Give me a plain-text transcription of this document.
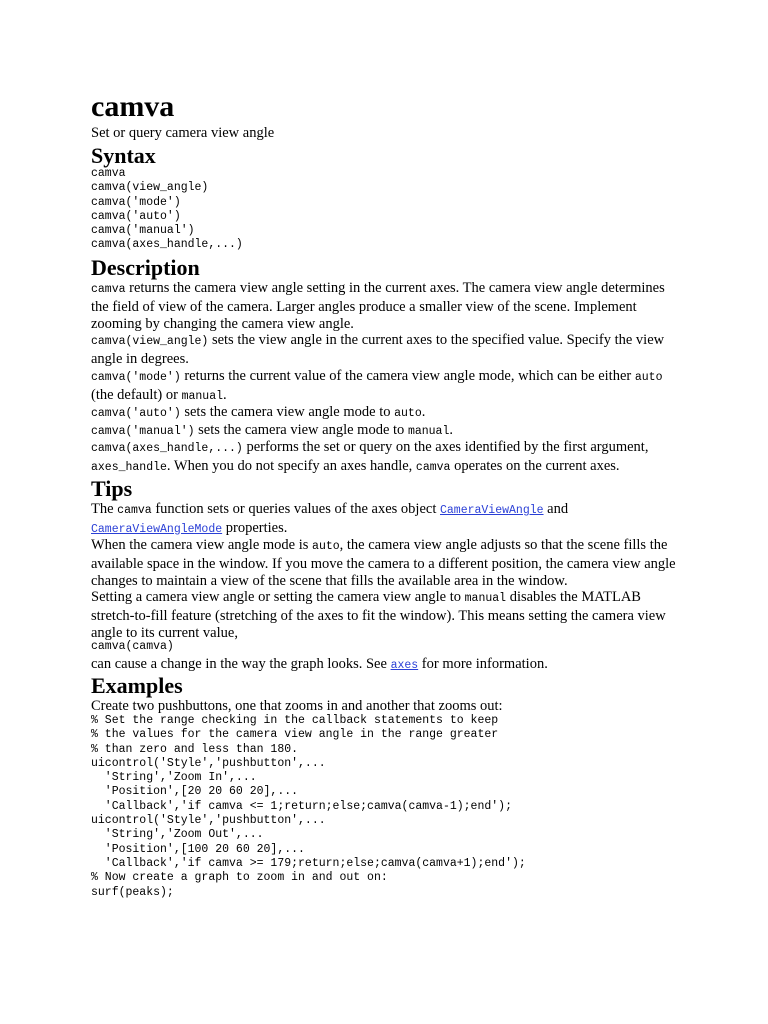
camva
Set or query camera view angle
Syntax
camva
camva(view_angle)
camva('mode')
camva('auto')
camva('manual')
camva(axes_handle,...)
Description

camva returns the camera view angle setting in the current axes. The camera view angle determines the field of view of the camera. Larger angles produce a smaller view of the scene. Implement zooming by changing the camera view angle.

camva(view_angle) sets the view angle in the current axes to the specified value. Specify the view angle in degrees.

camva('mode') returns the current value of the camera view angle mode, which can be either auto (the default) or manual.

camva('auto') sets the camera view angle mode to auto.

camva('manual') sets the camera view angle mode to manual.

camva(axes_handle,...) performs the set or query on the axes identified by the first argument, axes_handle. When you do not specify an axes handle, camva operates on the current axes.

Tips

The camva function sets or queries values of the axes object CameraViewAngle and CameraViewAngleMode properties.

When the camera view angle mode is auto, the camera view angle adjusts so that the scene fills the available space in the window. If you move the camera to a different position, the camera view angle changes to maintain a view of the scene that fills the available area in the window.

Setting a camera view angle or setting the camera view angle to manual disables the MATLAB stretch-to-fill feature (stretching of the axes to fit the window). This means setting the camera view angle to its current value,

camva(camva)

can cause a change in the way the graph looks. See axes for more information.

Examples

Create two pushbuttons, one that zooms in and another that zooms out:

% Set the range checking in the callback statements to keep
% the values for the camera view angle in the range greater
% than zero and less than 180.
uicontrol('Style','pushbutton',...
'String','Zoom In',...
'Position',[20 20 60 20],...
'Callback','if camva <= 1;return;else;camva(camva-1);end');
uicontrol('Style','pushbutton',...
'String','Zoom Out',...
'Position',[100 20 60 20],...
'Callback','if camva >= 179;return;else;camva(camva+1);end');
% Now create a graph to zoom in and out on:
surf(peaks);
